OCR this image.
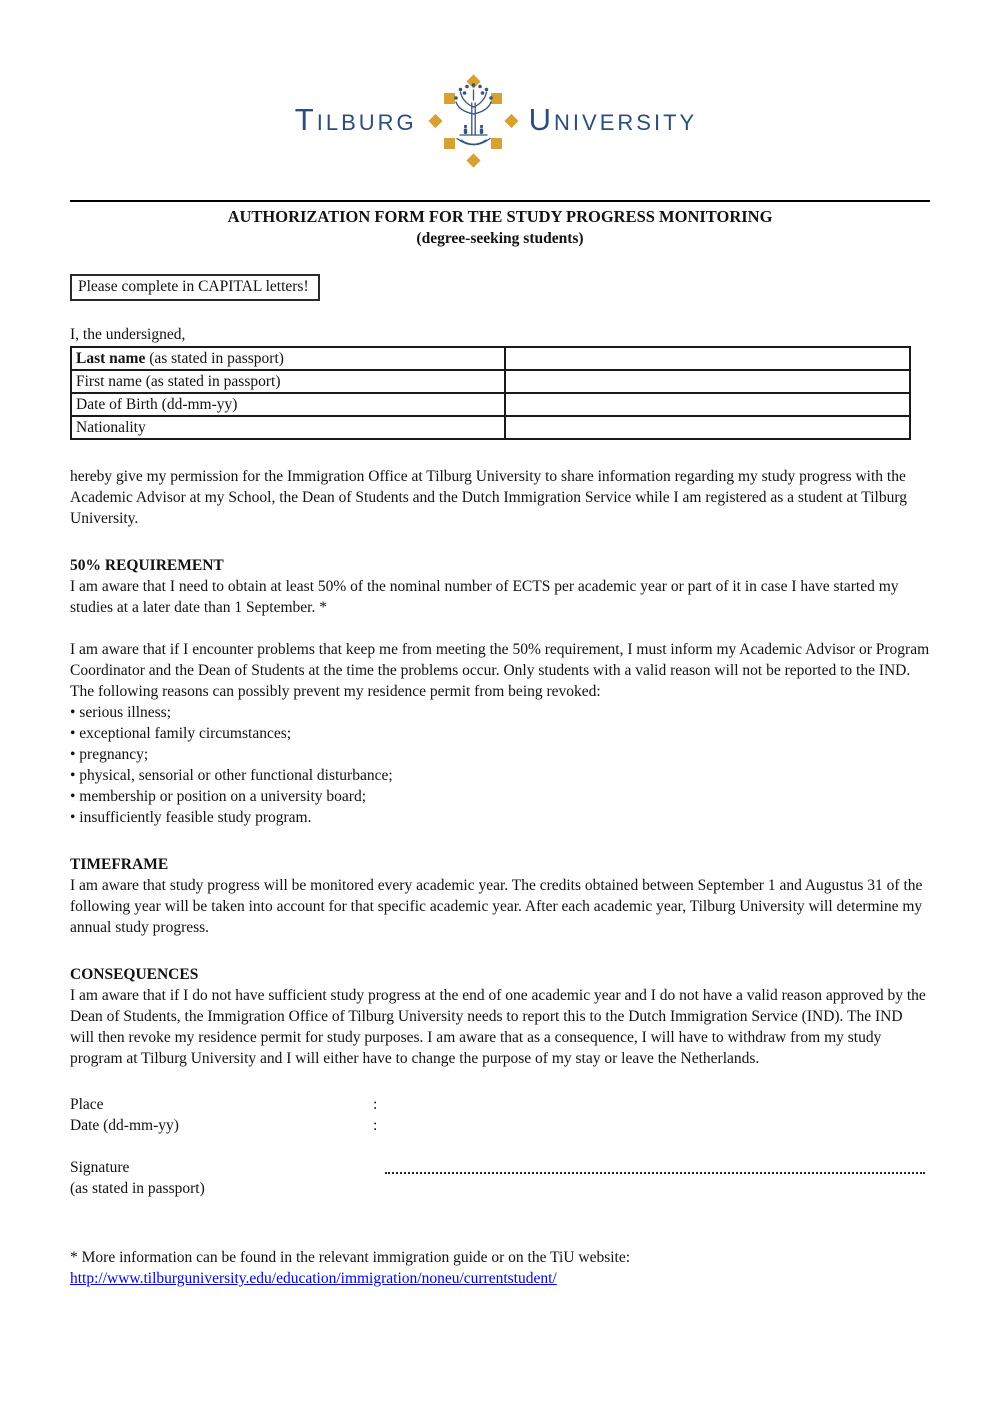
Tilburg	University
AUTHORIZATION FORM FOR THE STUDY PROGRESS MONITORING
(degree-seeking students)
Please complete in CAPITAL letters!
I, the undersigned,
Last name (as stated in passport)	
First name (as stated in passport)	
Date of Birth (dd-mm-yy)	
Nationality	

hereby give my permission for the Immigration Office at Tilburg University to share information regarding my study progress with the Academic Advisor at my School, the Dean of Students and the Dutch Immigration Service while I am registered as a student at Tilburg University.

50% REQUIREMENT

I am aware that I need to obtain at least 50% of the nominal number of ECTS per academic year or part of it in case I have started my studies at a later date than 1 September. *

I am aware that if I encounter problems that keep me from meeting the 50% requirement, I must inform my Academic Advisor or Program Coordinator and the Dean of Students at the time the problems occur. Only students with a valid reason will not be reported to the IND.

The following reasons can possibly prevent my residence permit from being revoked:

• serious illness;
• exceptional family circumstances;
• pregnancy;
• physical, sensorial or other functional disturbance;
• membership or position on a university board;
• insufficiently feasible study program.
TIMEFRAME

I am aware that study progress will be monitored every academic year. The credits obtained between September 1 and Augustus 31 of the following year will be taken into account for that specific academic year. After each academic year, Tilburg University will determine my annual study progress.

CONSEQUENCES

I am aware that if I do not have sufficient study progress at the end of one academic year and I do not have a valid reason approved by the Dean of Students, the Immigration Office of Tilburg University needs to report this to the Dutch Immigration Service (IND). The IND will then revoke my residence permit for study purposes. I am aware that as a consequence, I will have to withdraw from my study program at Tilburg University and I will either have to change the purpose of my stay or leave the Netherlands.

Place	:
Date (dd-mm-yy)	:
Signature
(as stated in passport)

* More information can be found in the relevant immigration guide or on the TiU website:

http://www.tilburguniversity.edu/education/immigration/noneu/currentstudent/
